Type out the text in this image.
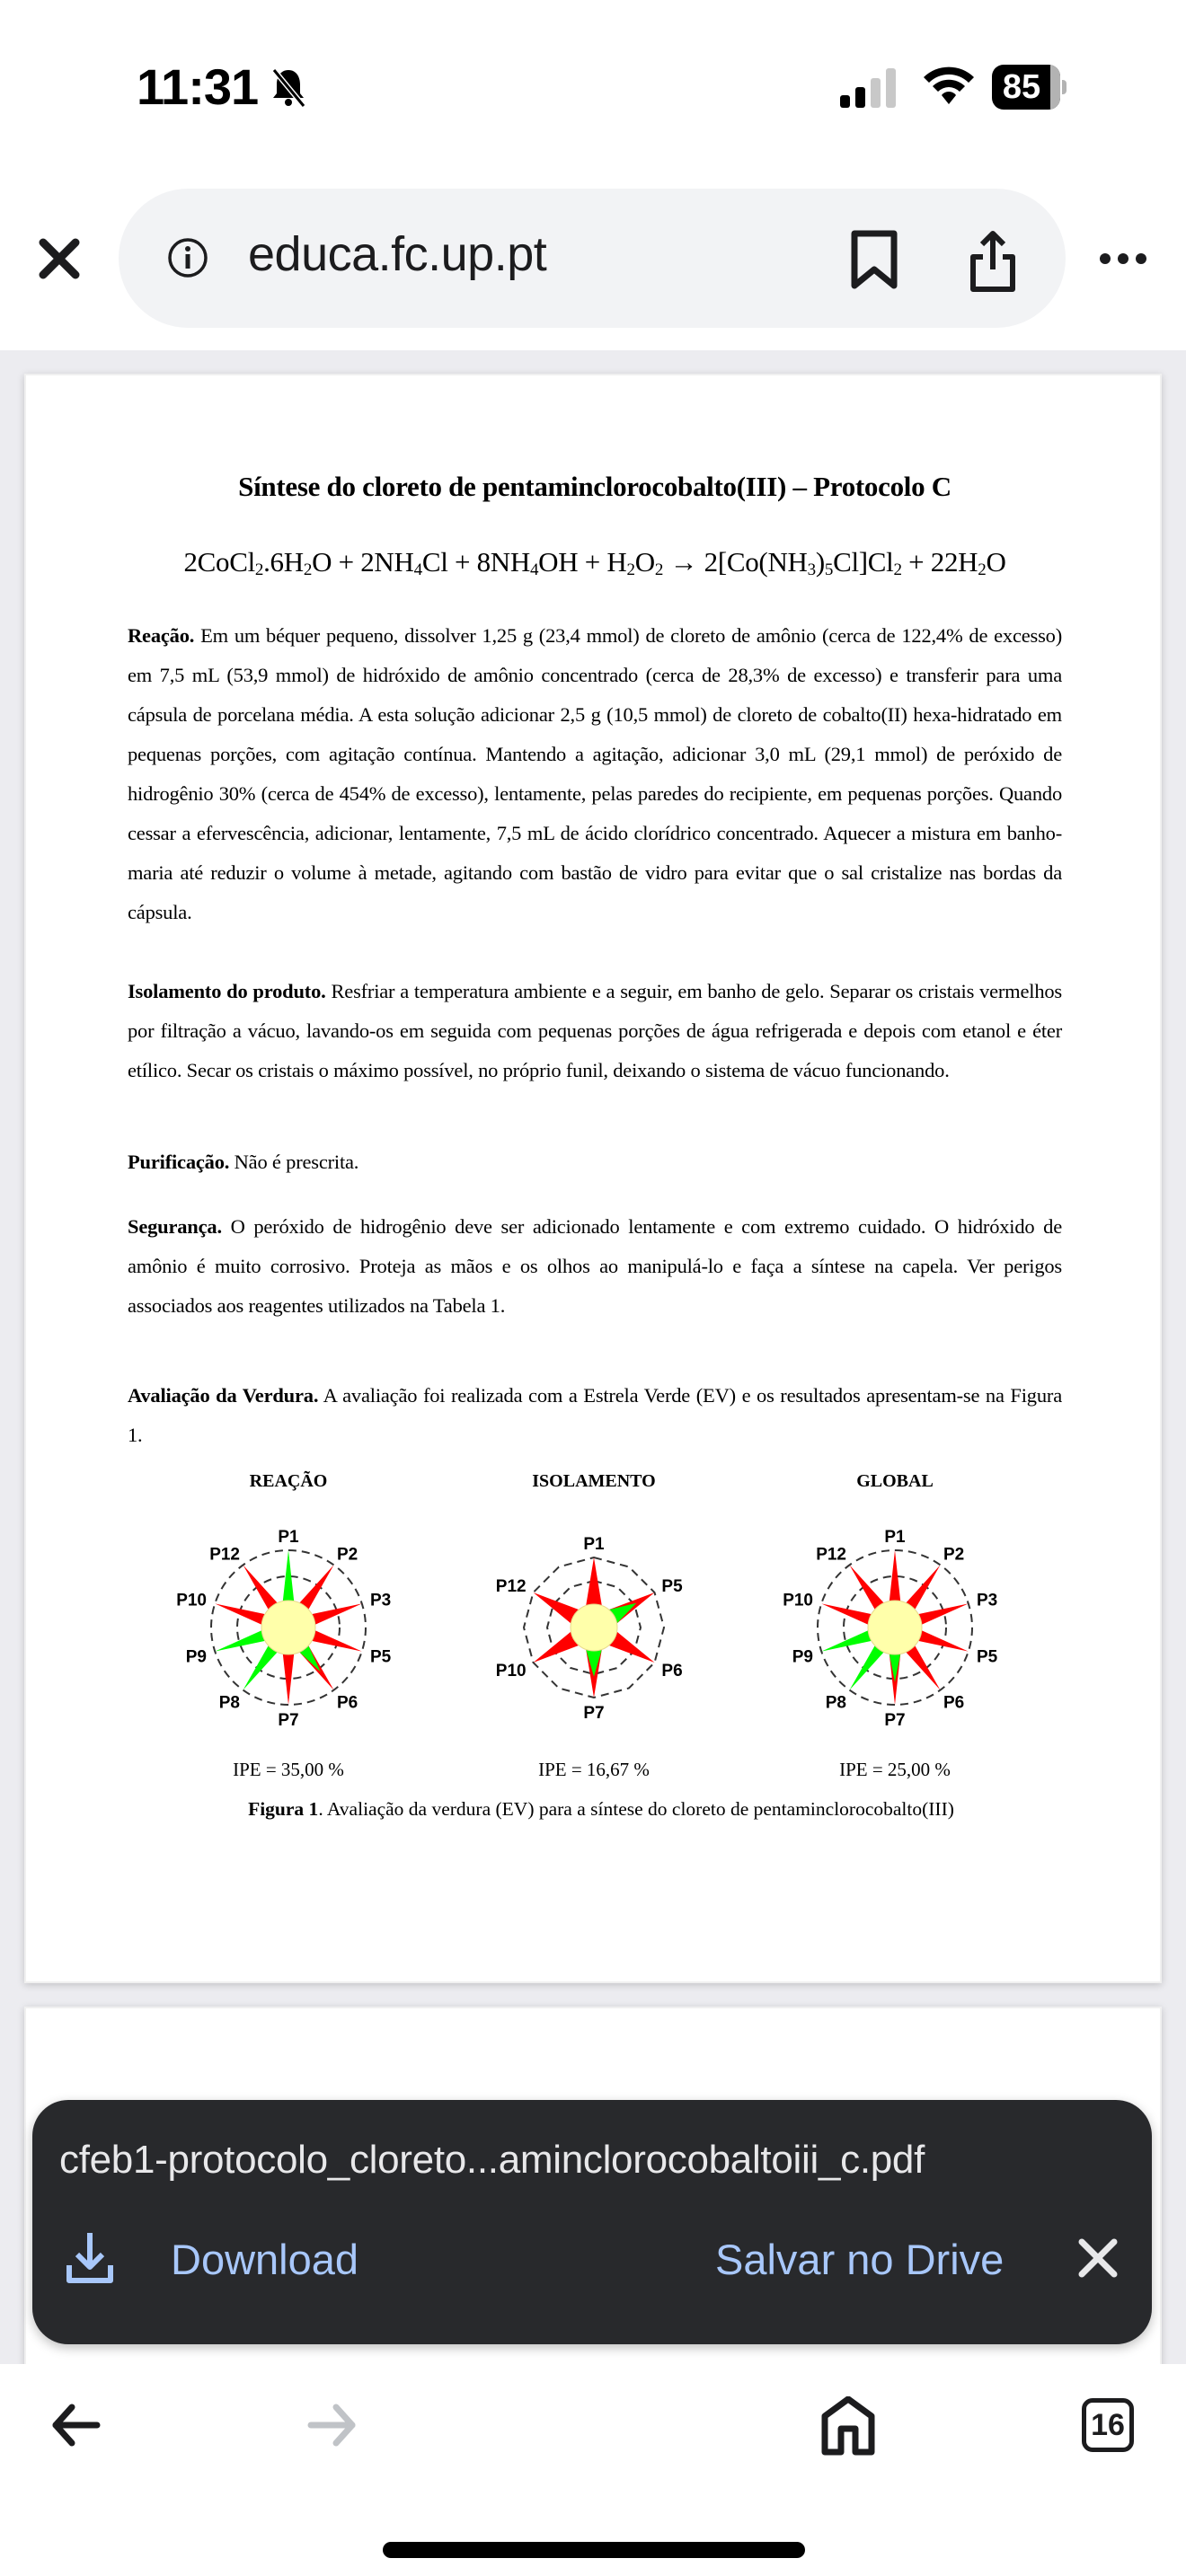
11:31	85
educa.fc.up.pt
Síntese do cloreto de pentaminclorocobalto(III) – Protocolo C
$2CoCl_2.6H_2O + 2NH_4Cl + 8NH_4OH + H_2O_2 \to 2[Co(NH_3)_5Cl]Cl_2 + 22H_2O$
Reação. Em um béquer pequeno, dissolver 1,25 g (23,4 mmol) de cloreto de amônio (cerca de 122,4% de excesso) em 7,5 mL (53,9 mmol) de hidróxido de amônio concentrado (cerca de 28,3% de excesso) e transferir para uma cápsula de porcelana média. A esta solução adicionar 2,5 g (10,5 mmol) de cloreto de cobalto(II) hexa-hidratado em pequenas porções, com agitação contínua. Mantendo a agitação, adicionar 3,0 mL (29,1 mmol) de peróxido de hidrogênio 30% (cerca de 454% de excesso), lentamente, pelas paredes do recipiente, em pequenas porções. Quando cessar a efervescência, adicionar, lentamente, 7,5 mL de ácido clorídrico concentrado. Aquecer a mistura em banho-maria até reduzir o volume à metade, agitando com bastão de vidro para evitar que o sal cristalize nas bordas da cápsula.
Isolamento do produto. Resfriar a temperatura ambiente e a seguir, em banho de gelo. Separar os cristais vermelhos por filtração a vácuo, lavando-os em seguida com pequenas porções de água refrigerada e depois com etanol e éter etílico. Secar os cristais o máximo possível, no próprio funil, deixando o sistema de vácuo funcionando.
Purificação. Não é prescrita.
Segurança. O peróxido de hidrogênio deve ser adicionado lentamente e com extremo cuidado. O hidróxido de amônio é muito corrosivo. Proteja as mãos e os olhos ao manipulá-lo e faça a síntese na capela. Ver perigos associados aos reagentes utilizados na Tabela 1.
Avaliação da Verdura. A avaliação foi realizada com a Estrela Verde (EV) e os resultados apresentam-se na Figura 1.
REAÇÃO
P1
P2
P3
P5
P6
P7
P8
P9
P10
P12
IPE = 35,00 %
ISOLAMENTO
P1
P5
P6
P7
P10
P12
IPE = 16,67 %
GLOBAL
P1
P2
P3
P5
P6
P7
P8
P9
P10
P12
IPE = 25,00 %
Figura 1. Avaliação da verdura (EV) para a síntese do cloreto de pentaminclorocobalto(III)
cfeb1-protocolo_cloreto...aminclorocobaltoiii_c.pdf
Download	Salvar no Drive
16
